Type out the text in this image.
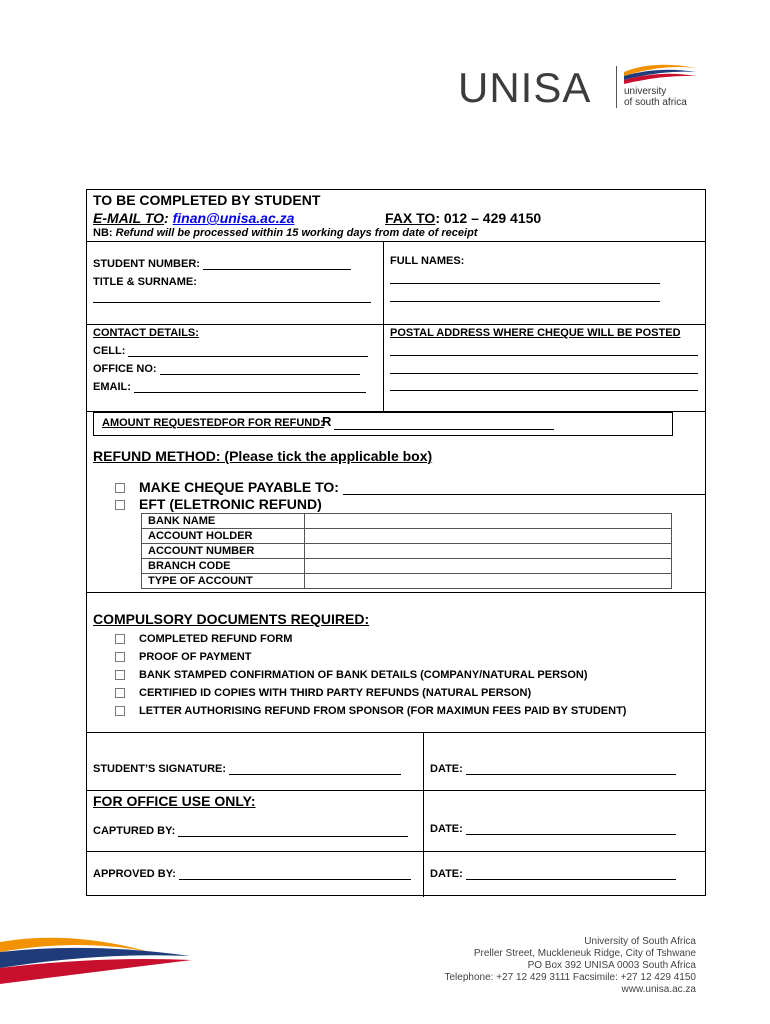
UNISA	university
of south africa
TO BE COMPLETED BY STUDENT
E-MAIL TO: finan@unisa.ac.za	FAX TO: 012 – 429 4150
NB: Refund will be processed within 15 working days from date of receipt
STUDENT NUMBER:
TITLE & SURNAME:
FULL NAMES:
CONTACT DETAILS:
CELL:
OFFICE NO:
EMAIL:
POSTAL ADDRESS WHERE CHEQUE WILL BE POSTED
AMOUNT REQUESTEDFOR FOR REFUND:
R
REFUND METHOD: (Please tick the applicable box)
MAKE CHEQUE PAYABLE TO:
EFT (ELETRONIC REFUND)
BANK NAME	
ACCOUNT HOLDER	
ACCOUNT NUMBER	
BRANCH CODE	
TYPE OF ACCOUNT	
COMPULSORY DOCUMENTS REQUIRED:
COMPLETED REFUND FORM
PROOF OF PAYMENT
BANK STAMPED CONFIRMATION OF BANK DETAILS (COMPANY/NATURAL PERSON)
CERTIFIED ID COPIES WITH THIRD PARTY REFUNDS (NATURAL PERSON)
LETTER AUTHORISING REFUND FROM SPONSOR (FOR MAXIMUN FEES PAID BY STUDENT)
STUDENT’S SIGNATURE:	DATE:
FOR OFFICE USE ONLY:
CAPTURED BY:	DATE:
APPROVED BY:	DATE:
University of South Africa
Preller Street, Muckleneuk Ridge, City of Tshwane
PO Box 392 UNISA 0003 South Africa
Telephone: +27 12 429 3111 Facsimile: +27 12 429 4150
www.unisa.ac.za
